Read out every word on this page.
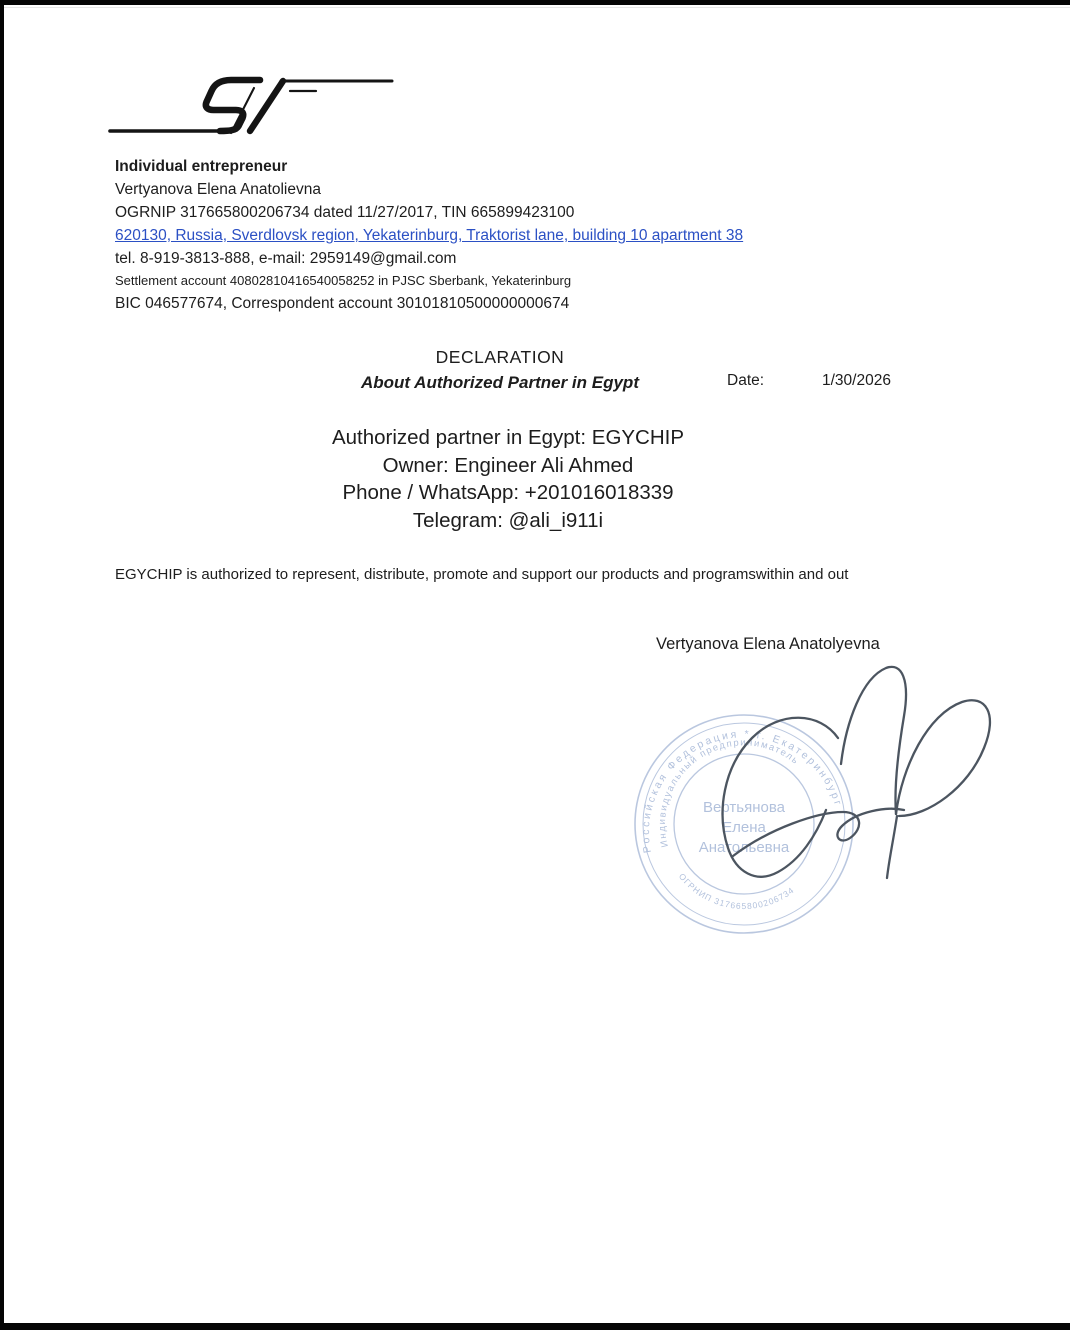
Individual entrepreneur
Vertyanova Elena Anatolievna
OGRNIP 317665800206734 dated 11/27/2017, TIN 665899423100
620130, Russia, Sverdlovsk region, Yekaterinburg, Traktorist lane, building 10 apartment 38
tel. 8-919-3813-888, e-mail: 2959149@gmail.com
Settlement account 40802810416540058252 in PJSC Sberbank, Yekaterinburg
BIC 046577674, Correspondent account 30101810500000000674
DECLARATION
About Authorized Partner in Egypt	Date:	1/30/2026
Authorized partner in Egypt: EGYCHIP
Owner: Engineer Ali Ahmed
Phone / WhatsApp: +201016018339
Telegram: @ali_i911i
EGYCHIP is authorized to represent, distribute, promote and support our products and programswithin and out
Vertyanova Elena Anatolyevna
Российская Федерация * г. Екатеринбург
Индивидуальный предприниматель
ОГРНИП 317665800206734
Вертьянова
Елена
Анатольевна
